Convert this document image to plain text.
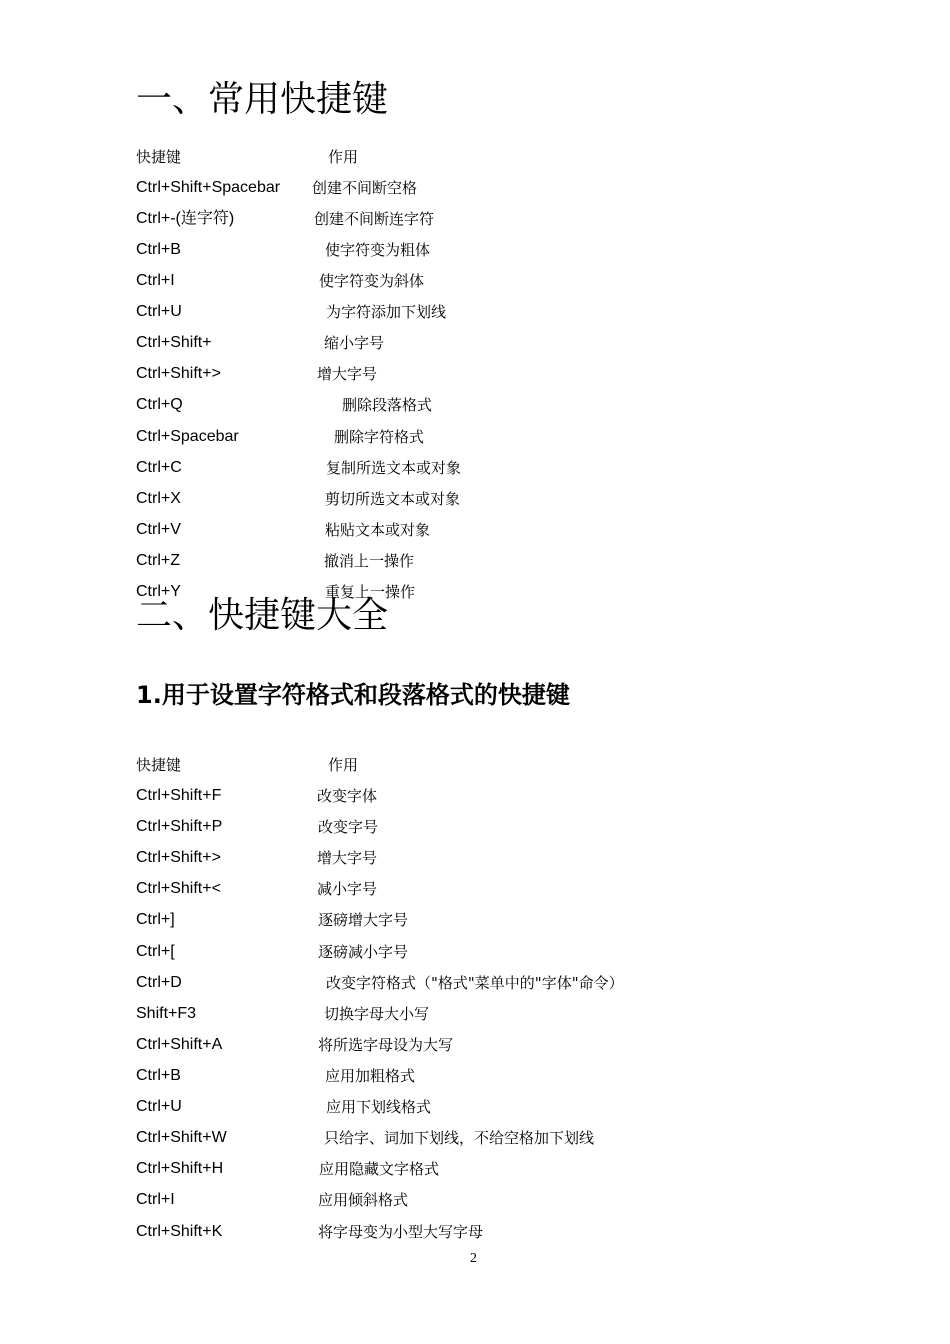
一、常用快捷键
快捷键	作用
Ctrl+Shift+Spacebar 创建不间断空格
Ctrl+-(连字符)	创建不间断连字符
Ctrl+B	使字符变为粗体
Ctrl+I	使字符变为斜体
Ctrl+U	为字符添加下划线
Ctrl+Shift+	缩小字号
Ctrl+Shift+>	增大字号
Ctrl+Q	删除段落格式
Ctrl+Spacebar	删除字符格式
Ctrl+C	复制所选文本或对象
Ctrl+X	剪切所选文本或对象
Ctrl+V	粘贴文本或对象
Ctrl+Z	撤消上一操作
Ctrl+Y	重复上一操作
二、快捷键大全
1.用于设置字符格式和段落格式的快捷键
快捷键	作用
Ctrl+Shift+F	改变字体
Ctrl+Shift+P	改变字号
Ctrl+Shift+>	增大字号
Ctrl+Shift+<	减小字号
Ctrl+]	逐磅增大字号
Ctrl+[	逐磅减小字号
Ctrl+D	改变字符格式（"格式"菜单中的"字体"命令）
Shift+F3	切换字母大小写
Ctrl+Shift+A	将所选字母设为大写
Ctrl+B	应用加粗格式
Ctrl+U	应用下划线格式
Ctrl+Shift+W	只给字、词加下划线，不给空格加下划线
Ctrl+Shift+H	应用隐藏文字格式
Ctrl+I	应用倾斜格式
Ctrl+Shift+K	将字母变为小型大写字母
2
